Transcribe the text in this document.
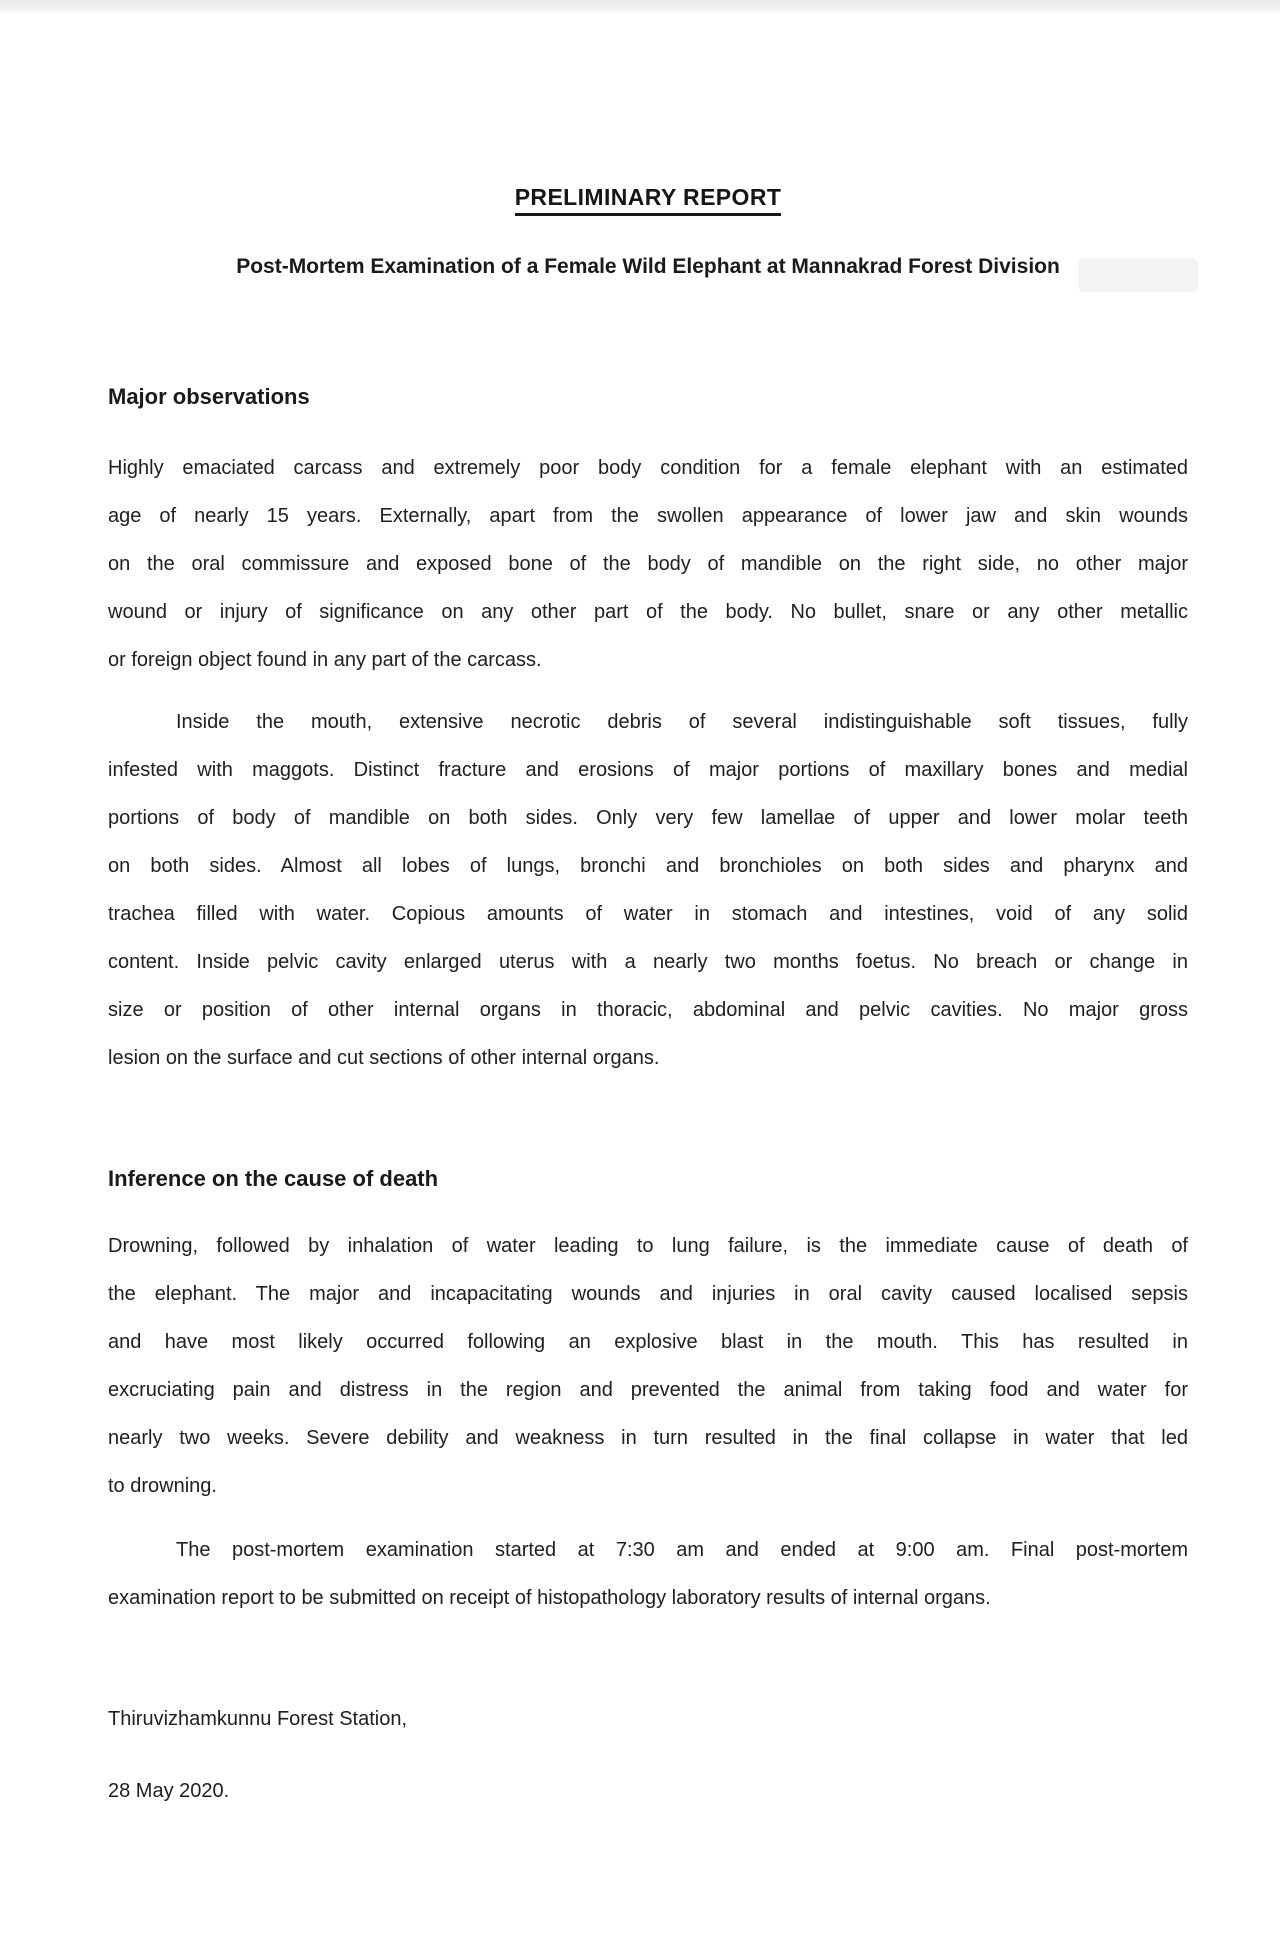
PRELIMINARY REPORT
Post-Mortem Examination of a Female Wild Elephant at Mannakrad Forest Division
Major observations
Highly emaciated carcass and extremely poor body condition for a female elephant with an estimated
age of nearly 15 years. Externally, apart from the swollen appearance of lower jaw and skin wounds
on the oral commissure and exposed bone of the body of mandible on the right side, no other major
wound or injury of significance on any other part of the body. No bullet, snare or any other metallic
or foreign object found in any part of the carcass.
Inside the mouth, extensive necrotic debris of several indistinguishable soft tissues, fully
infested with maggots. Distinct fracture and erosions of major portions of maxillary bones and medial
portions of body of mandible on both sides. Only very few lamellae of upper and lower molar teeth
on both sides. Almost all lobes of lungs, bronchi and bronchioles on both sides and pharynx and
trachea filled with water. Copious amounts of water in stomach and intestines, void of any solid
content. Inside pelvic cavity enlarged uterus with a nearly two months foetus. No breach or change in
size or position of other internal organs in thoracic, abdominal and pelvic cavities. No major gross
lesion on the surface and cut sections of other internal organs.
Inference on the cause of death
Drowning, followed by inhalation of water leading to lung failure, is the immediate cause of death of
the elephant. The major and incapacitating wounds and injuries in oral cavity caused localised sepsis
and have most likely occurred following an explosive blast in the mouth. This has resulted in
excruciating pain and distress in the region and prevented the animal from taking food and water for
nearly two weeks. Severe debility and weakness in turn resulted in the final collapse in water that led
to drowning.
The post-mortem examination started at 7:30 am and ended at 9:00 am. Final post-mortem
examination report to be submitted on receipt of histopathology laboratory results of internal organs.
Thiruvizhamkunnu Forest Station,
28 May 2020.
